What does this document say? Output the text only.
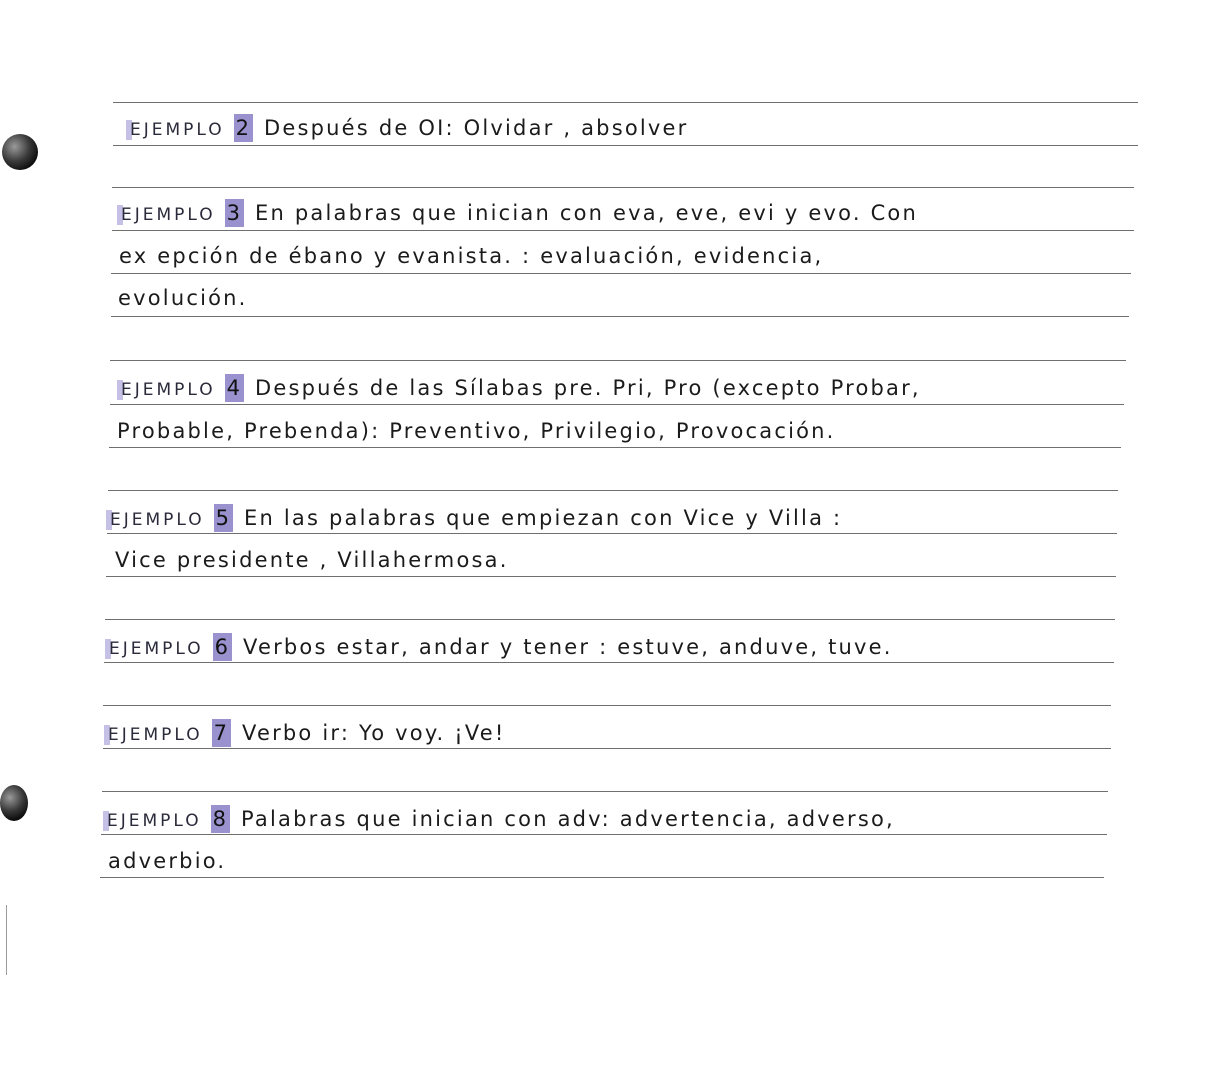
EJEMPLO 2 Después de OI: Olvidar , absolver
EJEMPLO 3 En palabras que inician con eva, eve, evi y evo. Con
ex epción de ébano y evanista. : evaluación, evidencia,
evolución.
EJEMPLO 4 Después de las Sílabas pre. Pri, Pro (excepto Probar,
Probable, Prebenda): Preventivo, Privilegio, Provocación.
EJEMPLO 5 En las palabras que empiezan con Vice y Villa :
Vice presidente , Villahermosa.
EJEMPLO 6 Verbos estar, andar y tener : estuve, anduve, tuve.
EJEMPLO 7 Verbo ir: Yo voy. ¡Ve!
EJEMPLO 8 Palabras que inician con adv: advertencia, adverso,
adverbio.
